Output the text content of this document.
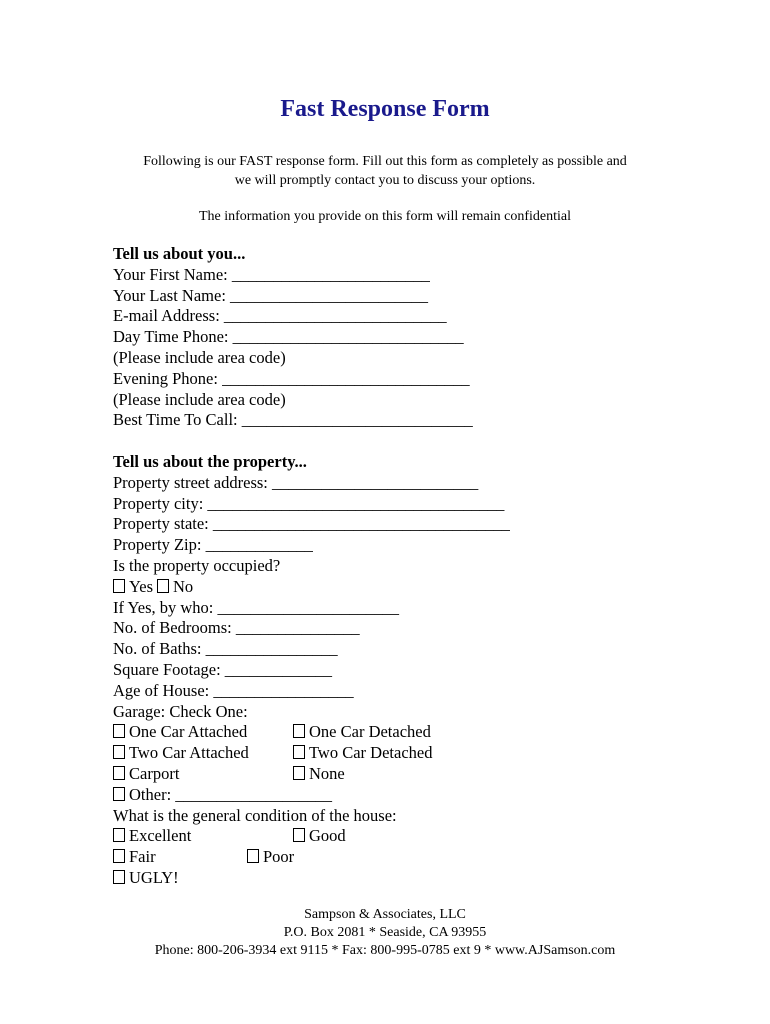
Fast Response Form
Following is our FAST response form. Fill out this form as completely as possible and
we will promptly contact you to discuss your options.
The information you provide on this form will remain confidential
Tell us about you...
Your First Name: ________________________
Your Last Name: ________________________
E-mail Address: ___________________________
Day Time Phone: ____________________________
(Please include area code)
Evening Phone: ______________________________
(Please include area code)
Best Time To Call: ____________________________
Tell us about the property...
Property street address: _________________________
Property city: ____________________________________
Property state: ____________________________________
Property Zip: _____________
Is the property occupied?
Yes	No
If Yes, by who: ______________________
No. of Bedrooms: _______________
No. of Baths: ________________
Square Footage: _____________
Age of House: _________________
Garage: Check One:
One Car Attached	One Car Detached
Two Car Attached	Two Car Detached
Carport	None
Other: ___________________
What is the general condition of the house:
Excellent	Good
Fair	Poor
UGLY!
Sampson & Associates, LLC
P.O. Box 2081 * Seaside, CA 93955
Phone: 800-206-3934 ext 9115 * Fax: 800-995-0785 ext 9 * www.AJSamson.com
